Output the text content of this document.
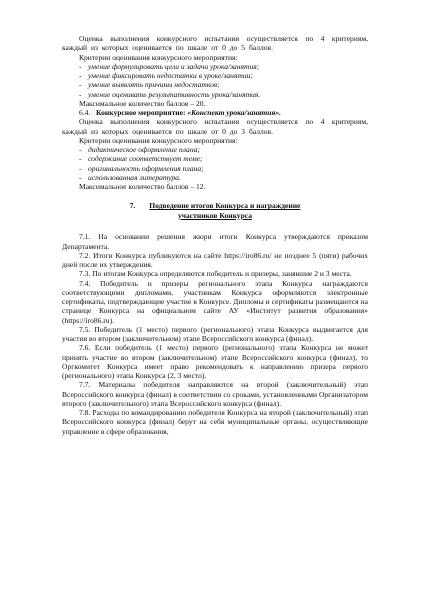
Оценка выполнения конкурсного испытания осуществляется по 4 критериям, каждый из которых оценивается по шкале от 0 до 5 баллов.

Критерии оценивания конкурсного мероприятия:

- умение формулировать цели и задачи урока/занятия;

- умение фиксировать недостатки в уроке/занятии;

- умение выявлять причины недостатков;

- умение оценивать результативность урока/занятия.

Максимальное количество баллов – 20.

6.4. Конкурсное мероприятие: «Конспект урока/занятия».

Оценка выполнения конкурсного испытания осуществляется по 4 критериям, каждый из которых оценивается по шкале от 0 до 3 баллов.

Критерии оценивания конкурсного мероприятия:

- дидактическое оформление плана;

- содержание соответствует теме;

- оригинальность оформления плана;

- использованная литература.

Максимальное количество баллов – 12.

7. Подведение итогов Конкурса и награждение
участников Конкурса

7.1. На основании решения жюри итоги Конкурса утверждаются приказом Департамента.

7.2. Итоги Конкурса публикуются на сайте https://iro86.ru/ не позднее 5 (пяти) рабочих дней после их утверждения.

7.3. По итогам Конкурса определяются победитель и призеры, занявшие 2 и 3 места.

7.4. Победитель и призеры регионального этапа Конкурса награждаются соответствующими дипломами, участникам Конкурса оформляются электронные сертификаты, подтверждающие участие в Конкурсе. Дипломы и сертификаты размещаются на странице Конкурса на официальном сайте АУ «Институт развития образования» (https://iro86.ru).

7.5. Победитель (1 место) первого (регионального) этапа Конкурса выдвигается для участия во втором (заключительном) этапе Всероссийского конкурса (финал).

7.6. Если победитель (1 место) первого (регионального) этапа Конкурса не может принять участие во втором (заключительном) этапе Всероссийского конкурса (финал), то Оргкомитет Конкурса имеет право рекомендовать к направлению призера первого (регионального) этапа Конкурса (2, 3 место).

7.7. Материалы победителя направляются на второй (заключительный) этап Всероссийского конкурса (финал) в соответствии со сроками, установленными Организатором второго (заключительного) этапа Всероссийского конкурса (финал).

7.8. Расходы по командированию победителя Конкурса на второй (заключительный) этап Всероссийского конкурса (финал) берут на себя муниципальные органы, осуществляющие управление в сфере образования,
